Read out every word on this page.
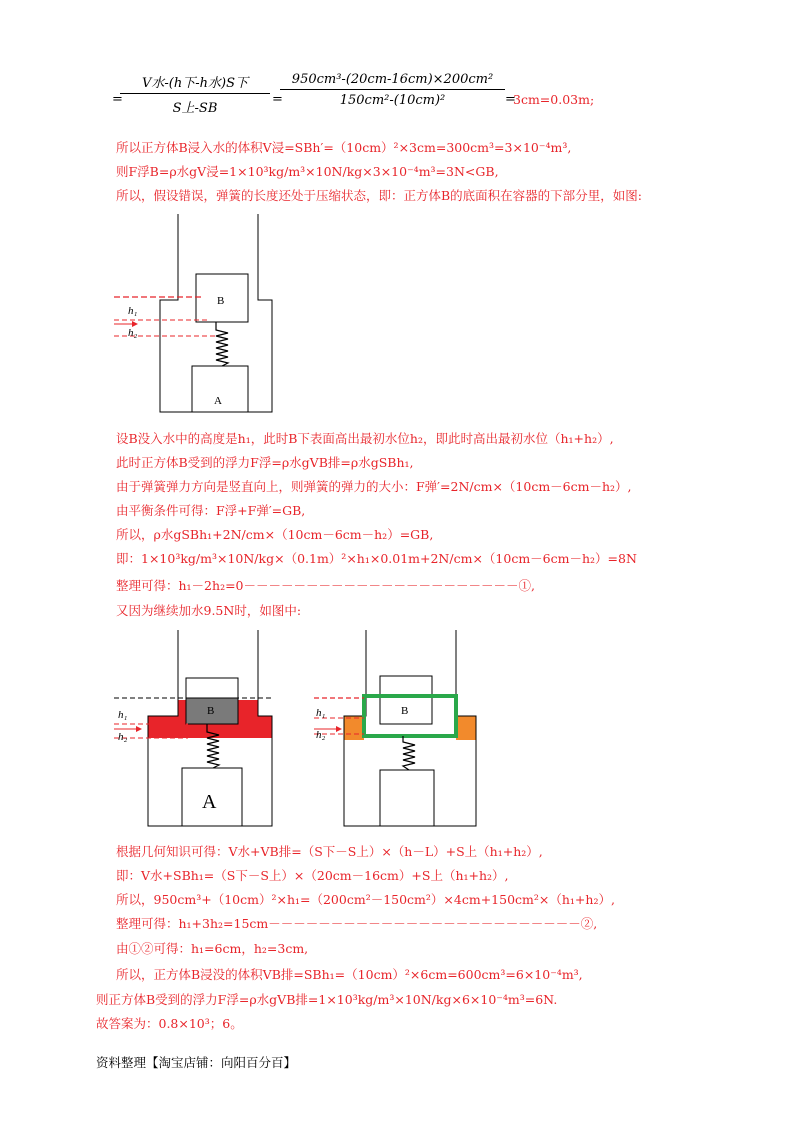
=
V水-(h下-h水)S下
S上-SB
=
$\frac{\text{950cm³-(20cm-16cm)×200cm²}}{\text{150cm²-(10cm)²}}$ =
3cm=0.03m;
所以正方体B浸入水的体积V浸=SBh′=（10cm）²×3cm=300cm³=3×10⁻⁴m³,
则F浮B=ρ水gV浸=1×10³kg/m³×10N/kg×3×10⁻⁴m³=3N<GB,
所以，假设错误，弹簧的长度还处于压缩状态，即：正方体B的底面积在容器的下部分里，如图:
B
A
h₁
h₂
设B没入水中的高度是h₁，此时B下表面高出最初水位h₂，即此时高出最初水位（h₁+h₂）,
此时正方体B受到的浮力F浮=ρ水gVB排=ρ水gSBh₁,
由于弹簧弹力方向是竖直向上，则弹簧的弹力的大小：F弹′=2N/cm×（10cm－6cm－h₂）,
由平衡条件可得：F浮+F弹′=GB,
所以，ρ水gSBh₁+2N/cm×（10cm－6cm－h₂）=GB,
即：1×10³kg/m³×10N/kg×（0.1m）²×h₁×0.01m+2N/cm×（10cm－6cm－h₂）=8N
整理可得：h₁－2h₂=0－－－－－－－－－－－－－－－－－－－－－－①,
又因为继续加水9.5N时，如图中:
B
A
h₁
h₂
B
h₁
h₂
根据几何知识可得：V水+VB排=（S下－S上）×（h－L）+S上（h₁+h₂）,
即：V水+SBh₁=（S下－S上）×（20cm－16cm）+S上（h₁+h₂）,
所以，950cm³+（10cm）²×h₁=（200cm²－150cm²）×4cm+150cm²×（h₁+h₂）,
整理可得：h₁+3h₂=15cm－－－－－－－－－－－－－－－－－－－－－－－－－②,
由①②可得：h₁=6cm，h₂=3cm,
所以，正方体B浸没的体积VB排=SBh₁=（10cm）²×6cm=600cm³=6×10⁻⁴m³,
则正方体B受到的浮力F浮=ρ水gVB排=1×10³kg/m³×10N/kg×6×10⁻⁴m³=6N.
故答案为：0.8×10³；6。
资料整理【淘宝店铺：向阳百分百】
